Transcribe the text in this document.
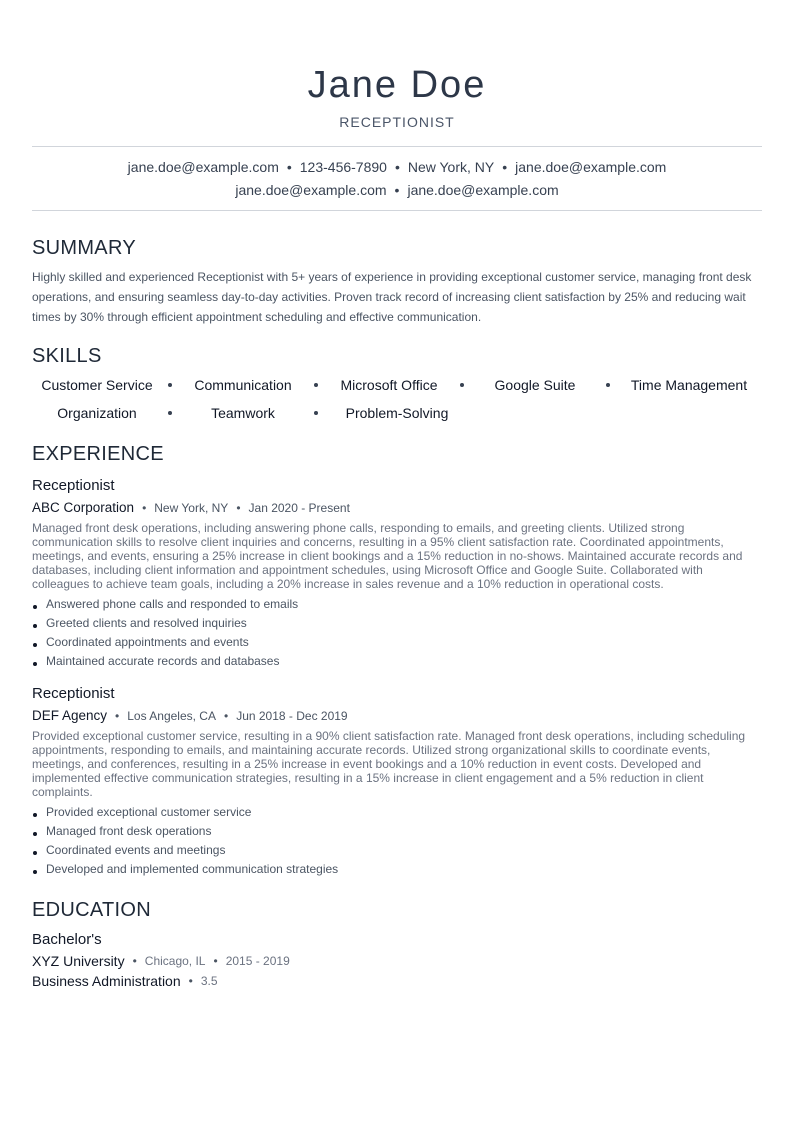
Jane Doe
RECEPTIONIST
jane.doe@example.com • 123-456-7890 • New York, NY • jane.doe@example.com
jane.doe@example.com • jane.doe@example.com
SUMMARY
Highly skilled and experienced Receptionist with 5+ years of experience in providing exceptional customer service, managing front desk operations, and ensuring seamless day-to-day activities. Proven track record of increasing client satisfaction by 25% and reducing wait times by 30% through efficient appointment scheduling and effective communication.
SKILLS
Customer Service	Communication	Microsoft Office	Google Suite	Time Management
Organization	Teamwork	Problem-Solving
EXPERIENCE
Receptionist
ABC Corporation • New York, NY • Jan 2020 - Present
Managed front desk operations, including answering phone calls, responding to emails, and greeting clients. Utilized strong communication skills to resolve client inquiries and concerns, resulting in a 95% client satisfaction rate. Coordinated appointments, meetings, and events, ensuring a 25% increase in client bookings and a 15% reduction in no-shows. Maintained accurate records and databases, including client information and appointment schedules, using Microsoft Office and Google Suite. Collaborated with colleagues to achieve team goals, including a 20% increase in sales revenue and a 10% reduction in operational costs.
Answered phone calls and responded to emails
Greeted clients and resolved inquiries
Coordinated appointments and events
Maintained accurate records and databases
Receptionist
DEF Agency • Los Angeles, CA • Jun 2018 - Dec 2019
Provided exceptional customer service, resulting in a 90% client satisfaction rate. Managed front desk operations, including scheduling appointments, responding to emails, and maintaining accurate records. Utilized strong organizational skills to coordinate events, meetings, and conferences, resulting in a 25% increase in event bookings and a 10% reduction in event costs. Developed and implemented effective communication strategies, resulting in a 15% increase in client engagement and a 5% reduction in client complaints.
Provided exceptional customer service
Managed front desk operations
Coordinated events and meetings
Developed and implemented communication strategies
EDUCATION
Bachelor's
XYZ University • Chicago, IL • 2015 - 2019
Business Administration • 3.5
